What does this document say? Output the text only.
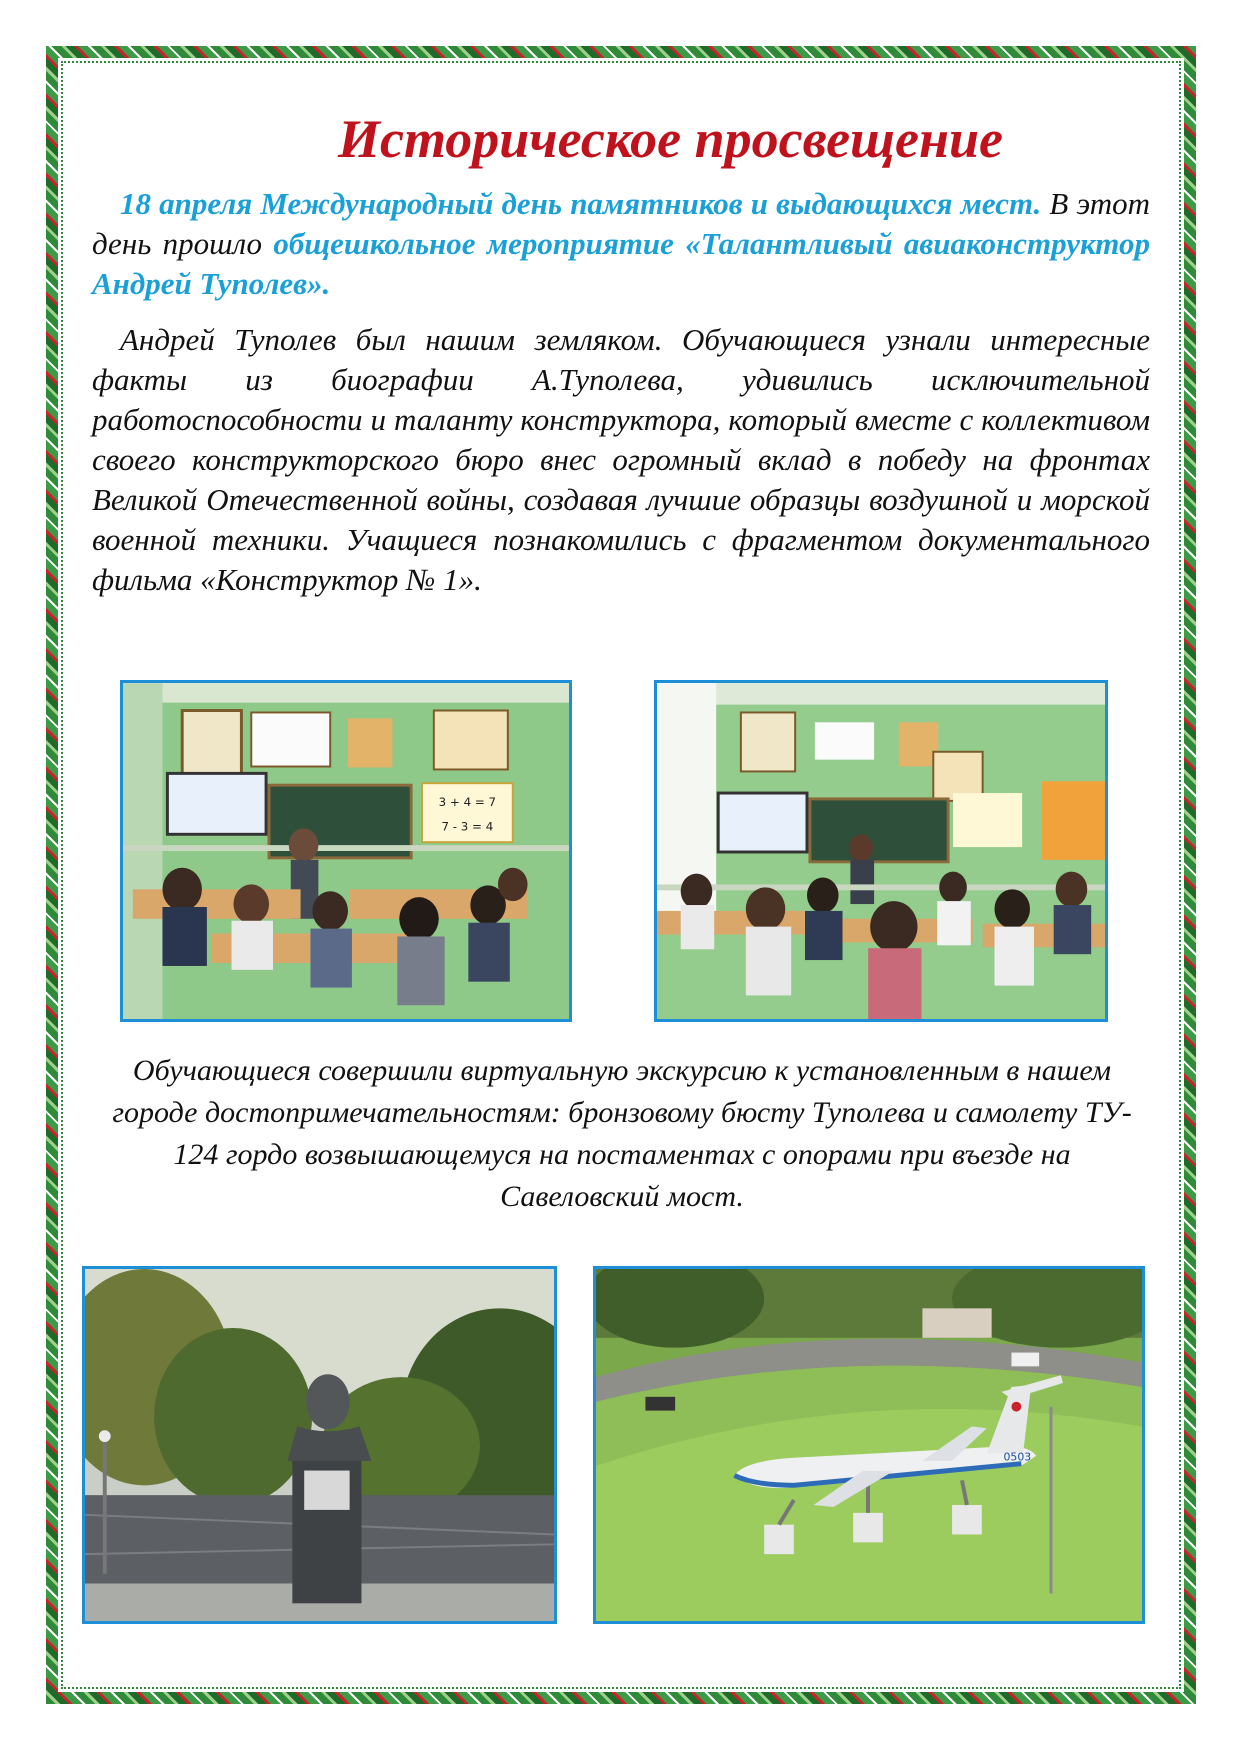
Историческое просвещение

18 апреля Международный день памятников и выдающихся мест. В этот день прошло общешкольное мероприятие «Талантливый авиаконструктор Андрей Туполев».

Андрей Туполев был нашим земляком. Обучающиеся узнали интересные факты из биографии А.Туполева, удивились исключительной работоспособности и таланту конструктора, который вместе с коллективом своего конструкторского бюро внес огромный вклад в победу на фронтах Великой Отечественной войны, создавая лучшие образцы воздушной и морской военной техники. Учащиеся познакомились с фрагментом документального фильма «Конструктор № 1».

3 + 4 = 7
7 - 3 = 4

Обучающиеся совершили виртуальную экскурсию к установленным в нашем городе достопримечательностям: бронзовому бюсту Туполева и самолету ТУ- 124 гордо возвышающемуся на постаментах с опорами при въезде на Савеловский мост.

0503
